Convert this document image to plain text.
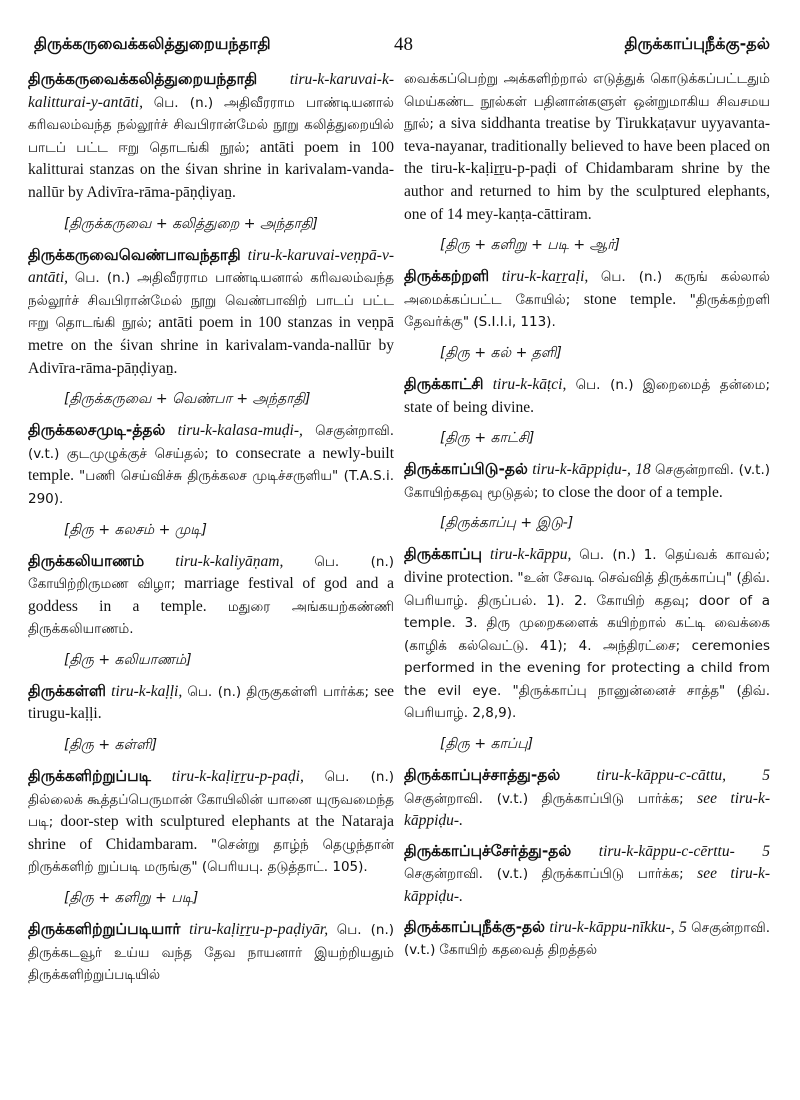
திருக்கருவைக்கலித்துறையந்தாதி	48	திருக்காப்புநீக்கு-தல்
திருக்கருவைக்கலித்துறையந்தாதி tiru-k-karuvai-k-kalitturai-y-antāti, பெ. (n.) அதிவீரராம பாண்டியனால் கரிவலம்வந்த நல்லூர்ச் சிவபிரான்மேல் நூறு கலித்துறையில் பாடப் பட்ட ஈறு தொடங்கி நூல்; antāti poem in 100 kalitturai stanzas on the śivan shrine in karivalam-vanda-nallūr by Adivīra-rāma-pāṇḍiyaṉ.
[திருக்கருவை + கலித்துறை + அந்தாதி]
திருக்கருவைவெண்பாவந்தாதி tiru-k-karuvai-veṇpā-v-antāti, பெ. (n.) அதிவீரராம பாண்டியனால் கரிவலம்வந்த நல்லூர்ச் சிவபிரான்மேல் நூறு வெண்பாவிற் பாடப் பட்ட ஈறு தொடங்கி நூல்; antāti poem in 100 stanzas in veṇpā metre on the śivan shrine in karivalam-vanda-nallūr by Adivīra-rāma-pāṇḍiyaṉ.
[திருக்கருவை + வெண்பா + அந்தாதி]
திருக்கலசமுடி-த்தல் tiru-k-kalasa-muḍi-, செகுன்றாவி. (v.t.) குடமுழுக்குச் செய்தல்; to consecrate a newly-built temple. "பணி செய்விச்சு திருக்கலச முடிச்சருளிய" (T.A.S.i. 290).
[திரு + கலசம் + முடி]
திருக்கலியாணம் tiru-k-kaliyāṇam, பெ. (n.) கோயிற்றிருமண விழா; marriage festival of god and a goddess in a temple. மதுரை அங்கயற்கண்ணி திருக்கலியாணம்.
[திரு + கலியாணம்]
திருக்கள்ளி tiru-k-kaḷḷi, பெ. (n.) திருகுகள்ளி பார்க்க; see tirugu-kaḷḷi.
[திரு + கள்ளி]
திருக்களிற்றுப்படி tiru-k-kaḷiṟṟu-p-paḍi, பெ. (n.) தில்லைக் கூத்தப்பெருமான் கோயிலின் யானை யுருவமைந்த படி; door-step with sculptured elephants at the Nataraja shrine of Chidambaram. "சென்று தாழ்ந் தெழுந்தான் றிருக்களிற் றுப்படி மருங்கு" (பெரியபு. தடுத்தாட். 105).
[திரு + களிறு + படி]
திருக்களிற்றுப்படியார் tiru-kaḷiṟṟu-p-paḍiyār, பெ. (n.) திருக்கடவூர் உய்ய வந்த தேவ நாயனார் இயற்றியதும் திருக்களிற்றுப்படியில்
வைக்கப்பெற்று அக்களிற்றால் எடுத்துக் கொடுக்கப்பட்டதும் மெய்கண்ட நூல்கள் பதினான்களுள் ஒன்றுமாகிய சிவசமய நூல்; a siva siddhanta treatise by Tirukkaṭavur uyyavanta-teva-nayanar, traditionally believed to have been placed on the tiru-k-kaḷiṟṟu-p-paḍi of Chidambaram shrine by the author and returned to him by the sculptured elephants, one of 14 mey-kaṇṭa-cāttiram.
[திரு + களிறு + படி + ஆர்]
திருக்கற்றளி tiru-k-kaṟṟaḷi, பெ. (n.) கருங் கல்லால் அமைக்கப்பட்ட கோயில்; stone temple. "திருக்கற்றளி தேவர்க்கு" (S.I.I.i, 113).
[திரு + கல் + தளி]
திருக்காட்சி tiru-k-kāṭci, பெ. (n.) இறைமைத் தன்மை; state of being divine.
[திரு + காட்சி]
திருக்காப்பிடு-தல் tiru-k-kāppiḍu-, 18 செகுன்றாவி. (v.t.) கோயிற்கதவு மூடுதல்; to close the door of a temple.
[திருக்காப்பு + இடு-]
திருக்காப்பு tiru-k-kāppu, பெ. (n.) 1. தெய்வக் காவல்; divine protection. "உன் சேவடி செவ்வித் திருக்காப்பு" (திவ். பெரியாழ். திருப்பல். 1). 2. கோயிற் கதவு; door of a temple. 3. திரு முறைகளைக் கயிற்றால் கட்டி வைக்கை (காழிக் கல்வெட்டு. 41); 4. அந்திரட்சை; ceremonies performed in the evening for protecting a child from the evil eye. "திருக்காப்பு நானுன்னைச் சாத்த" (திவ். பெரியாழ். 2,8,9).
[திரு + காப்பு]
திருக்காப்புச்சாத்து-தல் tiru-k-kāppu-c-cāttu, 5 செகுன்றாவி. (v.t.) திருக்காப்பிடு பார்க்க; see tiru-k-kāppiḍu-.
திருக்காப்புச்சேர்த்து-தல் tiru-k-kāppu-c-cērttu- 5 செகுன்றாவி. (v.t.) திருக்காப்பிடு பார்க்க; see tiru-k-kāppiḍu-.
திருக்காப்புநீக்கு-தல் tiru-k-kāppu-nīkku-, 5 செகுன்றாவி. (v.t.) கோயிற் கதவைத் திறத்தல்
